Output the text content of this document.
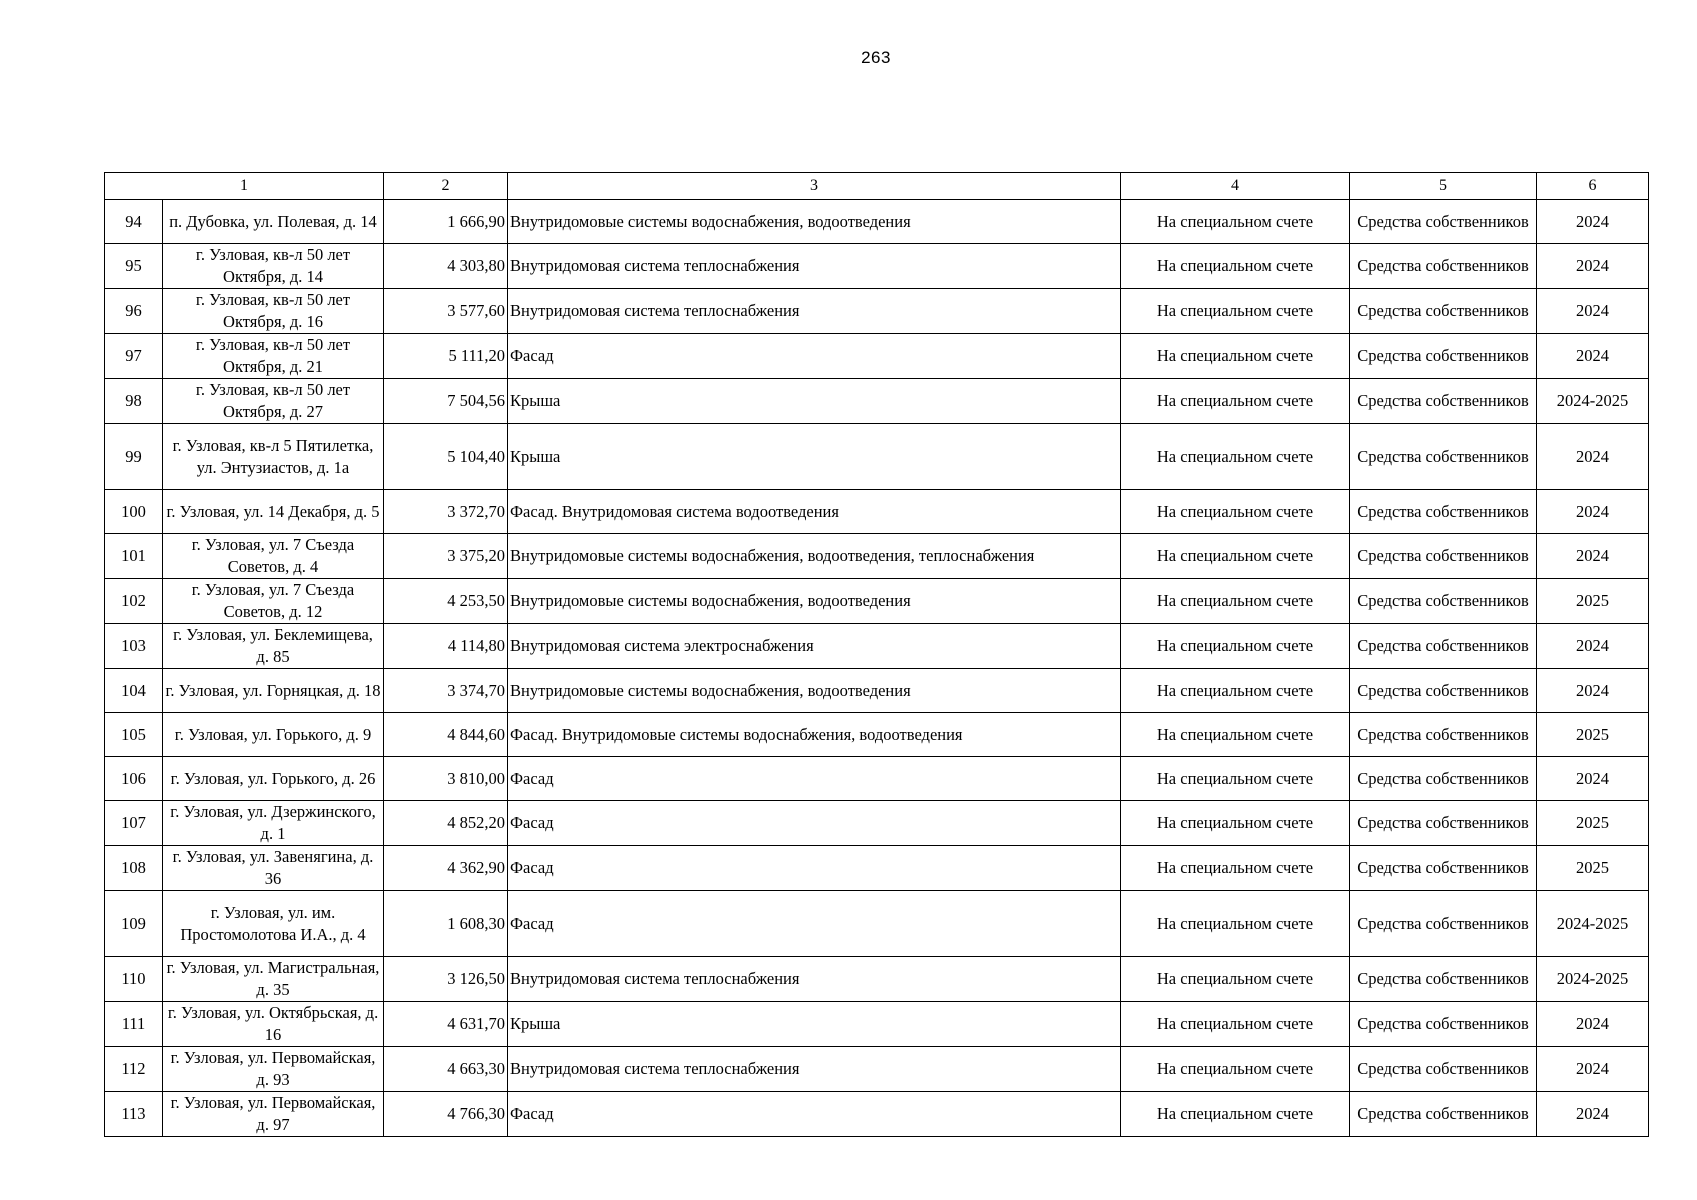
263
1		2	3	4	5	6
94	п. Дубовка, ул. Полевая, д. 14	1 666,90	Внутридомовые системы водоснабжения, водоотведения	На специальном счете	Средства собственников	2024
95	г. Узловая, кв-л 50 лет Октября, д. 14	4 303,80	Внутридомовая система теплоснабжения	На специальном счете	Средства собственников	2024
96	г. Узловая, кв-л 50 лет Октября, д. 16	3 577,60	Внутридомовая система теплоснабжения	На специальном счете	Средства собственников	2024
97	г. Узловая, кв-л 50 лет Октября, д. 21	5 111,20	Фасад	На специальном счете	Средства собственников	2024
98	г. Узловая, кв-л 50 лет Октября, д. 27	7 504,56	Крыша	На специальном счете	Средства собственников	2024-2025
99	г. Узловая, кв-л 5 Пятилетка, ул. Энтузиастов, д. 1а	5 104,40	Крыша	На специальном счете	Средства собственников	2024
100	г. Узловая, ул. 14 Декабря, д. 5	3 372,70	Фасад. Внутридомовая система водоотведения	На специальном счете	Средства собственников	2024
101	г. Узловая, ул. 7 Съезда Советов, д. 4	3 375,20	Внутридомовые системы водоснабжения, водоотведения, теплоснабжения	На специальном счете	Средства собственников	2024
102	г. Узловая, ул. 7 Съезда Советов, д. 12	4 253,50	Внутридомовые системы водоснабжения, водоотведения	На специальном счете	Средства собственников	2025
103	г. Узловая, ул. Беклемищева, д. 85	4 114,80	Внутридомовая система электроснабжения	На специальном счете	Средства собственников	2024
104	г. Узловая, ул. Горняцкая, д. 18	3 374,70	Внутридомовые системы водоснабжения, водоотведения	На специальном счете	Средства собственников	2024
105	г. Узловая, ул. Горького, д. 9	4 844,60	Фасад. Внутридомовые системы водоснабжения, водоотведения	На специальном счете	Средства собственников	2025
106	г. Узловая, ул. Горького, д. 26	3 810,00	Фасад	На специальном счете	Средства собственников	2024
107	г. Узловая, ул. Дзержинского, д. 1	4 852,20	Фасад	На специальном счете	Средства собственников	2025
108	г. Узловая, ул. Завенягина, д. 36	4 362,90	Фасад	На специальном счете	Средства собственников	2025
109	г. Узловая, ул. им. Простомолотова И.А., д. 4	1 608,30	Фасад	На специальном счете	Средства собственников	2024-2025
110	г. Узловая, ул. Магистральная, д. 35	3 126,50	Внутридомовая система теплоснабжения	На специальном счете	Средства собственников	2024-2025
111	г. Узловая, ул. Октябрьская, д. 16	4 631,70	Крыша	На специальном счете	Средства собственников	2024
112	г. Узловая, ул. Первомайская, д. 93	4 663,30	Внутридомовая система теплоснабжения	На специальном счете	Средства собственников	2024
113	г. Узловая, ул. Первомайская, д. 97	4 766,30	Фасад	На специальном счете	Средства собственников	2024
